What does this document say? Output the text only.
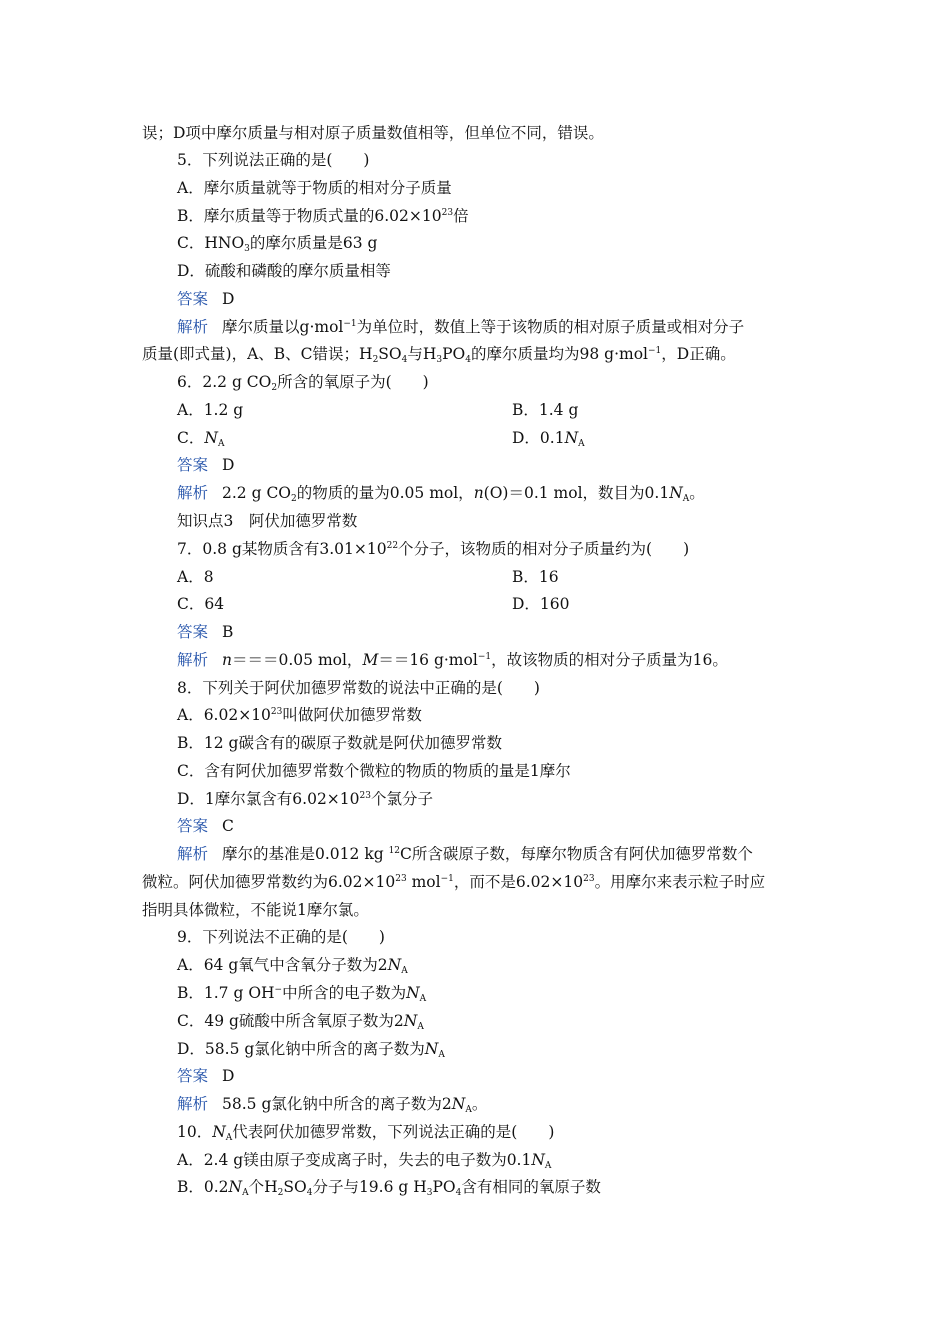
误；D项中摩尔质量与相对原子质量数值相等，但单位不同，错误。
5．下列说法正确的是(　　)
A．摩尔质量就等于物质的相对分子质量
B．摩尔质量等于物质式量的$6.02\times 10^{23}$倍
C．$HNO_3$的摩尔质量是63 g
D．硫酸和磷酸的摩尔质量相等
答案 D
解析 摩尔质量以g·mol$^{-1}$为单位时，数值上等于该物质的相对原子质量或相对分子
质量(即式量)，A、B、C错误；$H_2SO_4$与$H_3PO_4$的摩尔质量均为98 g·mol$^{-1}$，D正确。
6．2.2 g $CO_2$所含的氧原子为(　　)
A．1.2 g	B．1.4 g
C．$N_A$	D．$0.1N_A$
答案 D
解析 2.2 g $CO_2$的物质的量为0.05 mol，n(O)＝0.1 mol，数目为$0.1N_A$。
知识点3　阿伏加德罗常数
7．0.8 g某物质含有$3.01\times 10^{22}$个分子，该物质的相对分子质量约为(　　)
A．8	B．16
C．64	D．160
答案 B
解析 n＝＝＝0.05 mol，M＝＝16 g·mol$^{-1}$，故该物质的相对分子质量为16。
8．下列关于阿伏加德罗常数的说法中正确的是(　　)
A．$6.02\times 10^{23}$叫做阿伏加德罗常数
B．12 g碳含有的碳原子数就是阿伏加德罗常数
C．含有阿伏加德罗常数个微粒的物质的物质的量是1摩尔
D．1摩尔氯含有$6.02\times 10^{23}$个氯分子
答案 C
解析 摩尔的基准是0.012 kg $^{12}$C所含碳原子数，每摩尔物质含有阿伏加德罗常数个
微粒。阿伏加德罗常数约为$6.02\times 10^{23}$ mol$^{-1}$，而不是$6.02\times 10^{23}$。用摩尔来表示粒子时应
指明具体微粒，不能说1摩尔氯。
9．下列说法不正确的是(　　)
A．64 g氧气中含氧分子数为$2N_A$
B．1.7 g OH−中所含的电子数为$N_A$
C．49 g硫酸中所含氧原子数为$2N_A$
D．58.5 g氯化钠中所含的离子数为$N_A$
答案 D
解析 58.5 g氯化钠中所含的离子数为$2N_A$。
10．$N_A$代表阿伏加德罗常数，下列说法正确的是(　　)
A．2.4 g镁由原子变成离子时，失去的电子数为$0.1N_A$
B．$0.2N_A$个$H_2SO_4$分子与19.6 g $H_3PO_4$含有相同的氧原子数
